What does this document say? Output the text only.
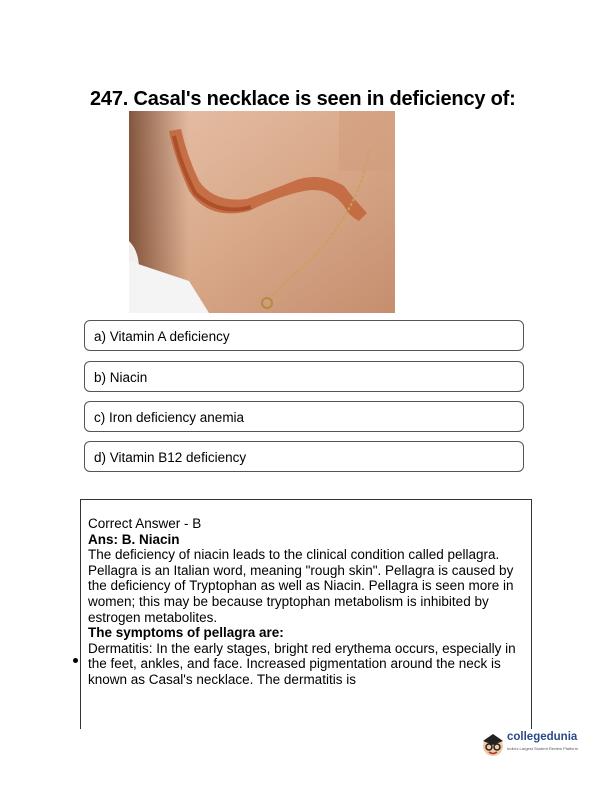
247. Casal's necklace is seen in deficiency of:
a) Vitamin A deficiency
b) Niacin
c) Iron deficiency anemia
d) Vitamin B12 deficiency

Correct Answer - B

Ans: B. Niacin

The deficiency of niacin leads to the clinical condition called pellagra. Pellagra is an Italian word, meaning "rough skin". Pellagra is caused by the deficiency of Tryptophan as well as Niacin. Pellagra is seen more in women; this may be because tryptophan metabolism is inhibited by estrogen metabolites.

The symptoms of pellagra are:

Dermatitis: In the early stages, bright red erythema occurs, especially in the feet, ankles, and face. Increased pigmentation around the neck is known as Casal's necklace. The dermatitis is

collegedunia
India's Largest Student Review Platform
